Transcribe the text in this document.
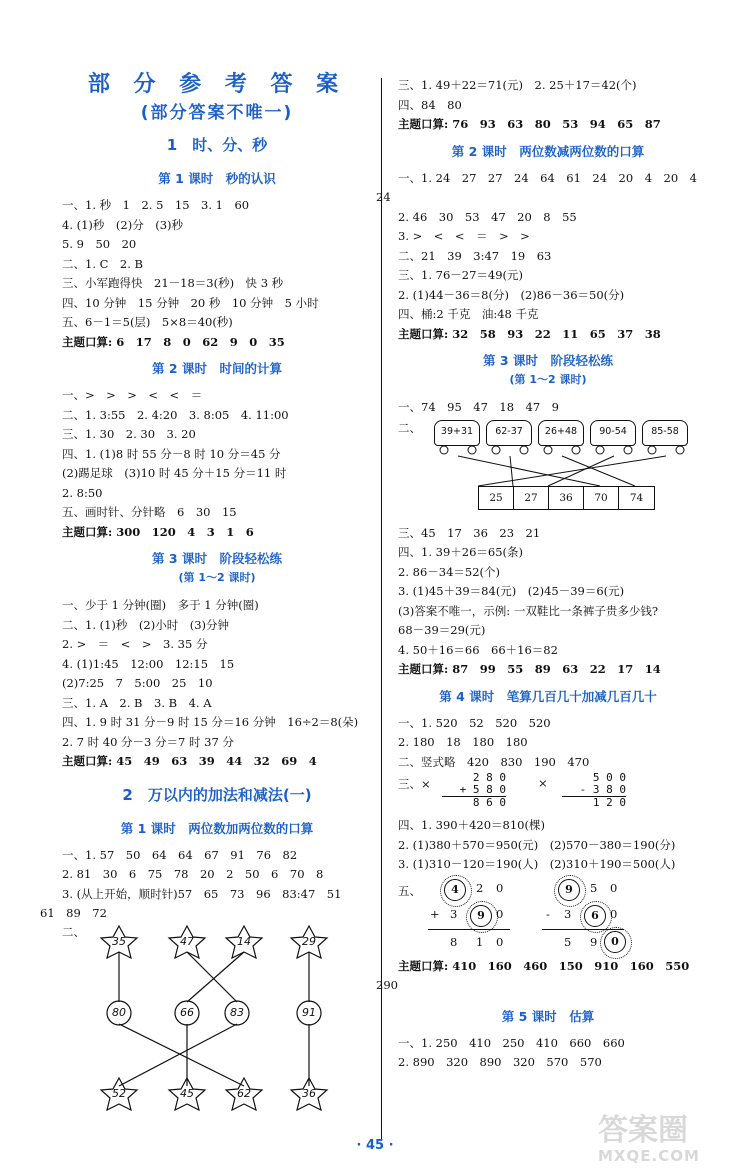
部 分 参 考 答 案
(部分答案不唯一)
1　时、分、秒
第 1 课时　秒的认识
一、1. 秒　1　2. 5　15　3. 1　60
4. (1)秒　(2)分　(3)秒
5. 9　50　20
二、1. C　2. B
三、小军跑得快　21－18＝3(秒)　快 3 秒
四、10 分钟　15 分钟　20 秒　10 分钟　5 小时
五、6－1＝5(层)　5×8＝40(秒)
主题口算: 6　17　8　0　62　9　0　35
第 2 课时　时间的计算
一、>　>　>　<　<　＝
二、1. 3:55　2. 4:20　3. 8:05　4. 11:00
三、1. 30　2. 30　3. 20
四、1. (1)8 时 55 分－8 时 10 分＝45 分
(2)踢足球　(3)10 时 45 分＋15 分＝11 时
2. 8:50
五、画时针、分针略　6　30　15
主题口算: 300　120　4　3　1　6
第 3 课时　阶段轻松练
(第 1～2 课时)
一、少于 1 分钟(圈)　多于 1 分钟(圈)
二、1. (1)秒　(2)小时　(3)分钟
2. >　＝　<　>　3. 35 分
4. (1)1:45　12:00　12:15　15
(2)7:25　7　5:00　25　10
三、1. A　2. B　3. B　4. A
四、1. 9 时 31 分－9 时 15 分＝16 分钟　16÷2＝8(朵)
2. 7 时 40 分－3 分＝7 时 37 分
主题口算: 45　49　63　39　44　32　69　4
2　万以内的加法和减法(一)
第 1 课时　两位数加两位数的口算
一、1. 57　50　64　64　67　91　76　82
2. 81　30　6　75　78　20　2　50　6　70　8
3. (从上开始，顺时针)57　65　73　96　83:47　51
61　89　72
二、
35	47	14	29
80	66	83	91
52	45	62	36
三、1. 49＋22＝71(元)　2. 25＋17＝42(个)
四、84　80
主题口算: 76　93　63　80　53　94　65　87
第 2 课时　两位数减两位数的口算
一、1. 24　27　27　24　64　61　24　20　4　20　4
24
2. 46　30　53　47　20　8　55
3. >　<　<　＝　>　>
二、21　39　3:47　19　63
三、1. 76－27＝49(元)
2. (1)44－36＝8(分)　(2)86－36＝50(分)
四、桶:2 千克　油:48 千克
主题口算: 32　58　93　22　11　65　37　38
第 3 课时　阶段轻松练
(第 1～2 课时)
一、74　95　47　18　47　9
二、	39+31	62-37	26+48	90-54	85-58
25	27	36	70	74
三、45　17　36　23　21
四、1. 39＋26＝65(条)
2. 86－34＝52(个)
3. (1)45＋39＝84(元)　(2)45－39＝6(元)
(3)答案不唯一，示例: 一双鞋比一条裤子贵多少钱?
68－39＝29(元)
4. 50＋16＝66　66＋16＝82
主题口算: 87　99　55　89　63　22　17　14
第 4 课时　笔算几百几十加减几百几十
一、1. 520　52　520　520
2. 180　18　180　180
二、竖式略　420　830　190　470
三、×	2 8 0
+ 5 8 0
8 6 0
×	5 0 0
- 3 8 0
1 2 0
四、1. 390＋420＝810(棵)
2. (1)380＋570＝950(元)　(2)570－380＝190(分)
3. (1)310－120＝190(人)　(2)310＋190＝500(人)
五、	4	2 0
+ 3	9 0
8 1 0
9	5 0
- 3	6 0
5 9	0
主题口算: 410　160　460　150　910　160　550
290
第 5 课时　估算
一、1. 250　410　250　410　660　660
2. 890　320　890　320　570　570
· 45 ·	答案圈
MXQE.COM
